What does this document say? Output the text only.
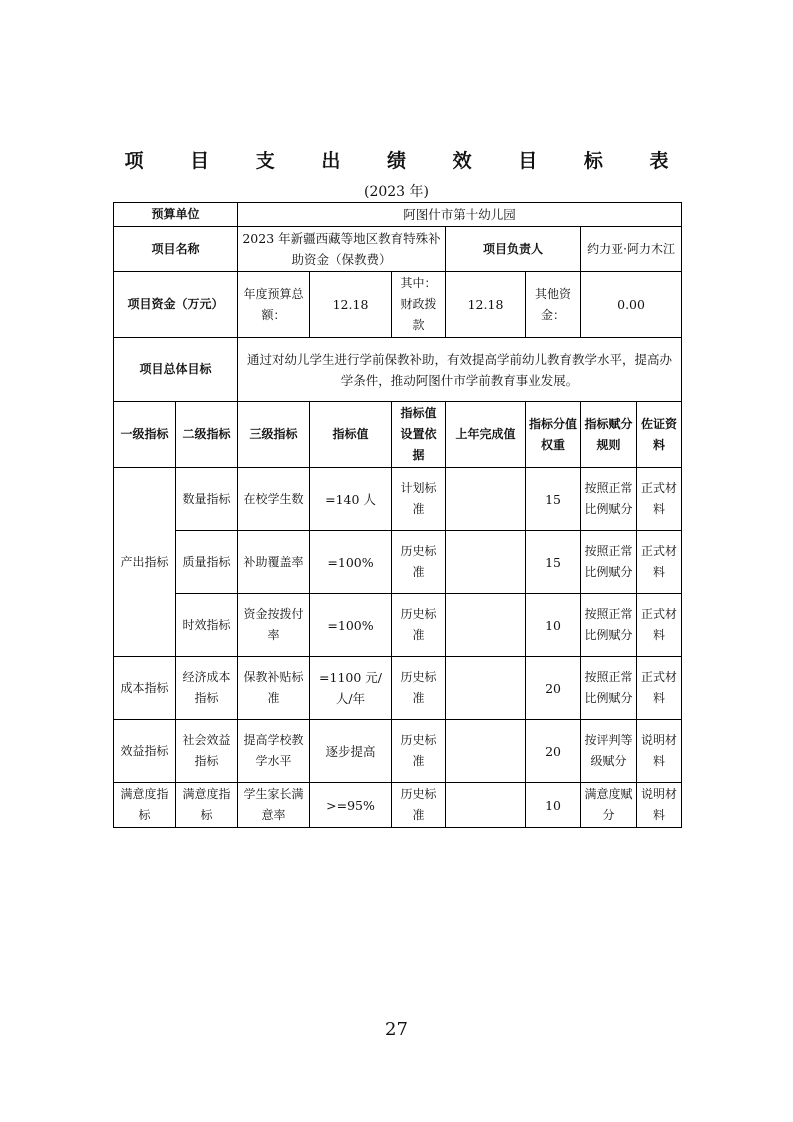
项 目 支 出 绩 效 目 标 表
(2023 年)
预算单位		阿图什市第十幼儿园						
项目名称		2023 年新疆西藏等地区教育特殊补助资金（保教费）			项目负责人		约力亚·阿力木江	
项目资金（万元）		年度预算总额：	12.18	其中：财政拨款	12.18	其他资金：	0.00	
项目总体目标		通过对幼儿学生进行学前保教补助，有效提高学前幼儿教育教学水平，提高办学条件，推动阿图什市学前教育事业发展。						
一级指标	二级指标	三级指标	指标值	指标值设置依据	上年完成值	指标分值权重	指标赋分规则	佐证资料
产出指标	数量指标	在校学生数	=140 人	计划标准		15	按照正常比例赋分	正式材料
	质量指标	补助覆盖率	=100%	历史标准		15	按照正常比例赋分	正式材料
	时效指标	资金按拨付率	=100%	历史标准		10	按照正常比例赋分	正式材料
成本指标	经济成本指标	保教补贴标准	=1100 元/人/年	历史标准		20	按照正常比例赋分	正式材料
效益指标	社会效益指标	提高学校教学水平	逐步提高	历史标准		20	按评判等级赋分	说明材料
满意度指标	满意度指标	学生家长满意率	>=95%	历史标准		10	满意度赋分	说明材料
27
